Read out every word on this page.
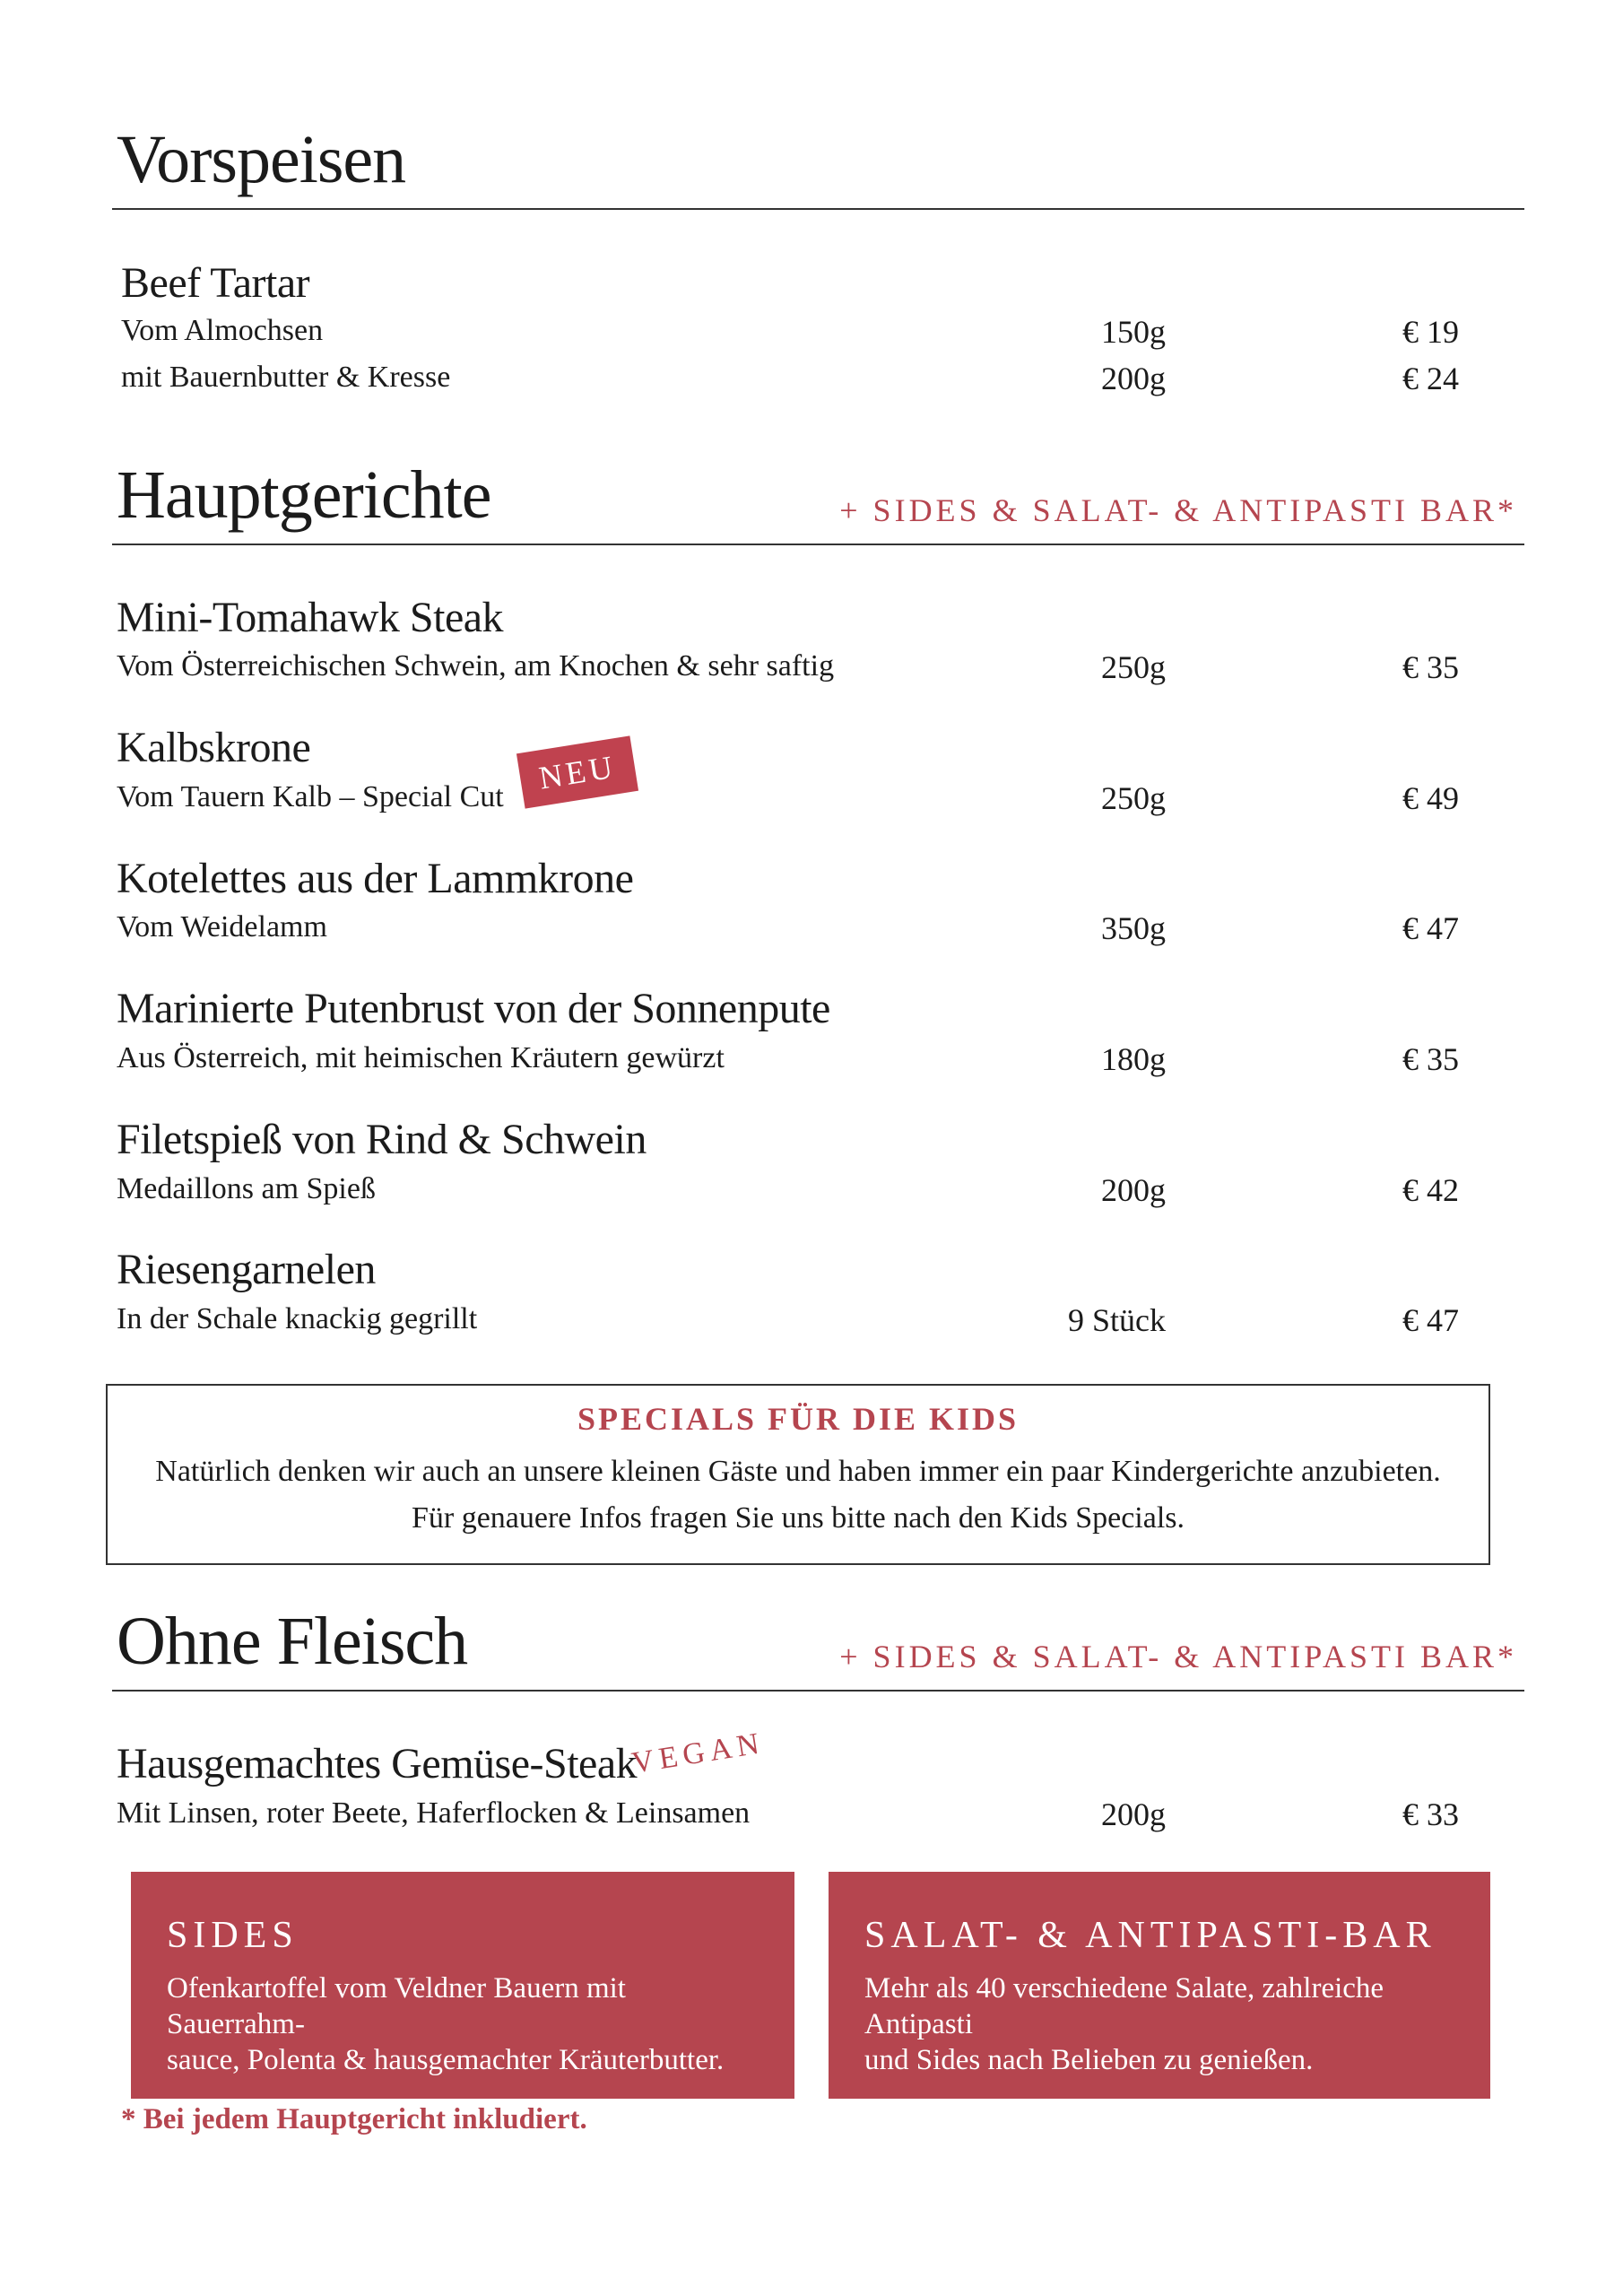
Vorspeisen
Beef Tartar
Vom Almochsen	150g	€ 19
mit Bauernbutter & Kresse	200g	€ 24
Hauptgerichte	+ SIDES & SALAT- & ANTIPASTI BAR*
Mini-Tomahawk Steak
Vom Österreichischen Schwein, am Knochen & sehr saftig	250g	€ 35
Kalbskrone
NEU
Vom Tauern Kalb – Special Cut	250g	€ 49
Kotelettes aus der Lammkrone
Vom Weidelamm	350g	€ 47
Marinierte Putenbrust von der Sonnenpute
Aus Österreich, mit heimischen Kräutern gewürzt	180g	€ 35
Filetspieß von Rind & Schwein
Medaillons am Spieß	200g	€ 42
Riesengarnelen
In der Schale knackig gegrillt	9 Stück	€ 47
SPECIALS FÜR DIE KIDS
Natürlich denken wir auch an unsere kleinen Gäste und haben immer ein paar Kindergerichte anzubieten.
Für genauere Infos fragen Sie uns bitte nach den Kids Specials.
Ohne Fleisch	+ SIDES & SALAT- & ANTIPASTI BAR*
Hausgemachtes Gemüse-Steak
VEGAN
Mit Linsen, roter Beete, Haferflocken & Leinsamen	200g	€ 33
SIDES
Ofenkartoffel vom Veldner Bauern mit Sauerrahm-
sauce, Polenta & hausgemachter Kräuterbutter.
SALAT- & ANTIPASTI-BAR
Mehr als 40 verschiedene Salate, zahlreiche Antipasti
und Sides nach Belieben zu genießen.
* Bei jedem Hauptgericht inkludiert.
